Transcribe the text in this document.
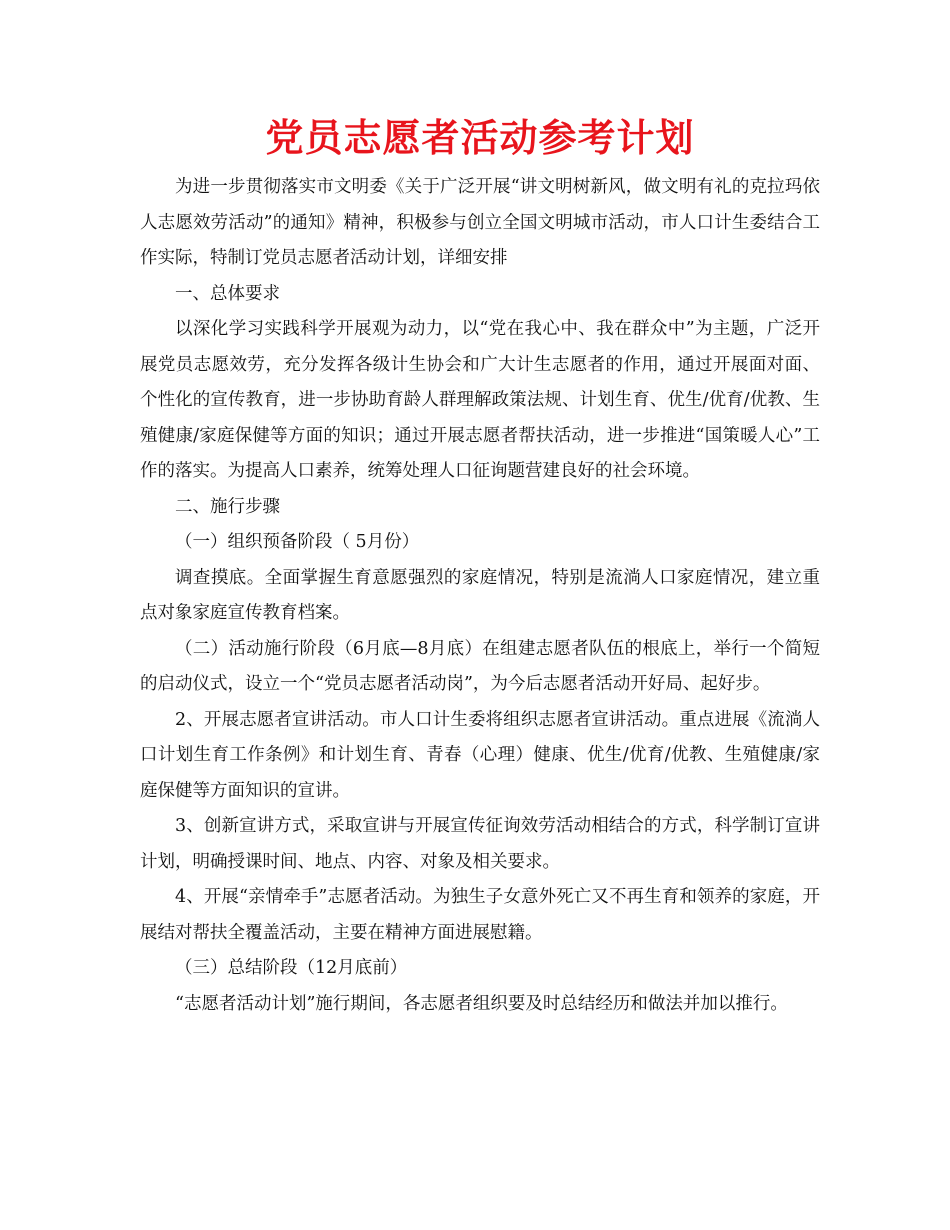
党员志愿者活动参考计划

为进一步贯彻落实市文明委《关于广泛开展“讲文明树新风，做文明有礼的克拉玛依人志愿效劳活动”的通知》精神，积极参与创立全国文明城市活动，市人口计生委结合工作实际，特制订党员志愿者活动计划，详细安排

一、总体要求

以深化学习实践科学开展观为动力，以“党在我心中、我在群众中”为主题，广泛开展党员志愿效劳，充分发挥各级计生协会和广大计生志愿者的作用，通过开展面对面、个性化的宣传教育，进一步协助育龄人群理解政策法规、计划生育、优生/优育/优教、生殖健康/家庭保健等方面的知识；通过开展志愿者帮扶活动，进一步推进“国策暖人心”工作的落实。为提高人口素养，统筹处理人口征询题营建良好的社会环境。

二、施行步骤

（一）组织预备阶段（ 5月份）

调查摸底。全面掌握生育意愿强烈的家庭情况，特别是流淌人口家庭情况，建立重点对象家庭宣传教育档案。

（二）活动施行阶段（6月底—8月底）在组建志愿者队伍的根底上，举行一个简短的启动仪式，设立一个“党员志愿者活动岗”，为今后志愿者活动开好局、起好步。

2、开展志愿者宣讲活动。市人口计生委将组织志愿者宣讲活动。重点进展《流淌人口计划生育工作条例》和计划生育、青春（心理）健康、优生/优育/优教、生殖健康/家庭保健等方面知识的宣讲。

3、创新宣讲方式，采取宣讲与开展宣传征询效劳活动相结合的方式，科学制订宣讲计划，明确授课时间、地点、内容、对象及相关要求。

4、开展“亲情牵手”志愿者活动。为独生子女意外死亡又不再生育和领养的家庭，开展结对帮扶全覆盖活动，主要在精神方面进展慰籍。

（三）总结阶段（12月底前）

“志愿者活动计划”施行期间，各志愿者组织要及时总结经历和做法并加以推行。
